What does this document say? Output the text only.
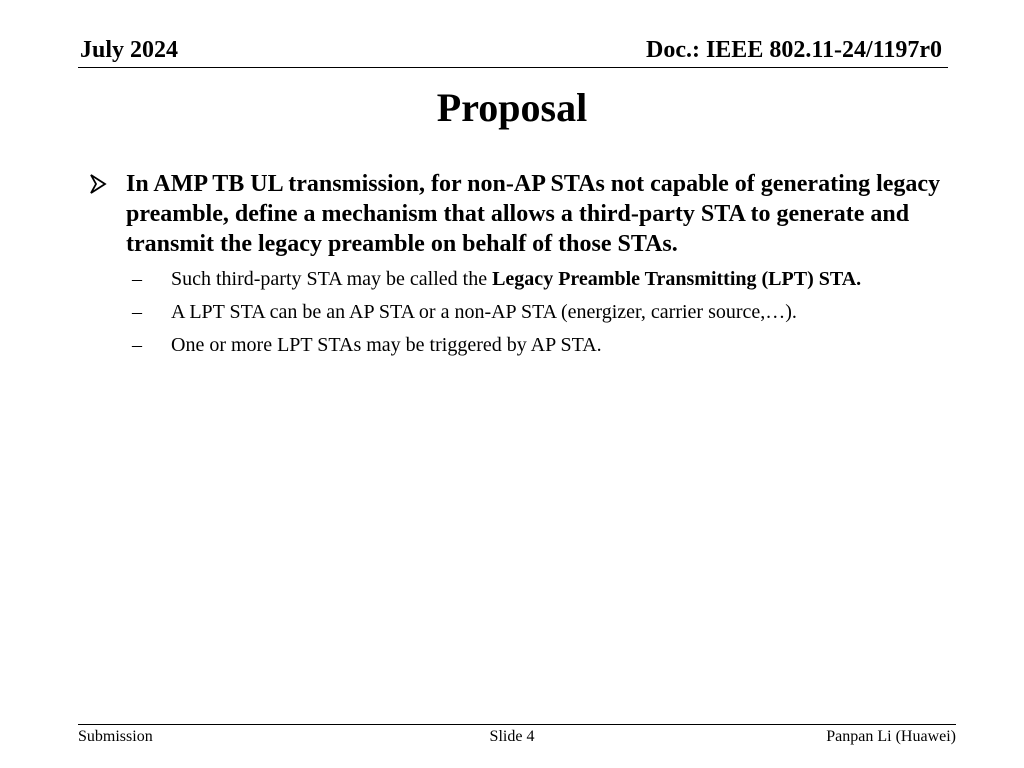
July 2024	Doc.: IEEE 802.11-24/1197r0
Proposal
In AMP TB UL transmission, for non-AP STAs not capable of generating legacy preamble, define a mechanism that allows a third-party STA to generate and transmit the legacy preamble on behalf of those STAs.
– Such third-party STA may be called the Legacy Preamble Transmitting (LPT) STA.
– A LPT STA can be an AP STA or a non-AP STA (energizer, carrier source,…).
– One or more LPT STAs may be triggered by AP STA.
Submission	Slide 4	Panpan Li (Huawei)
